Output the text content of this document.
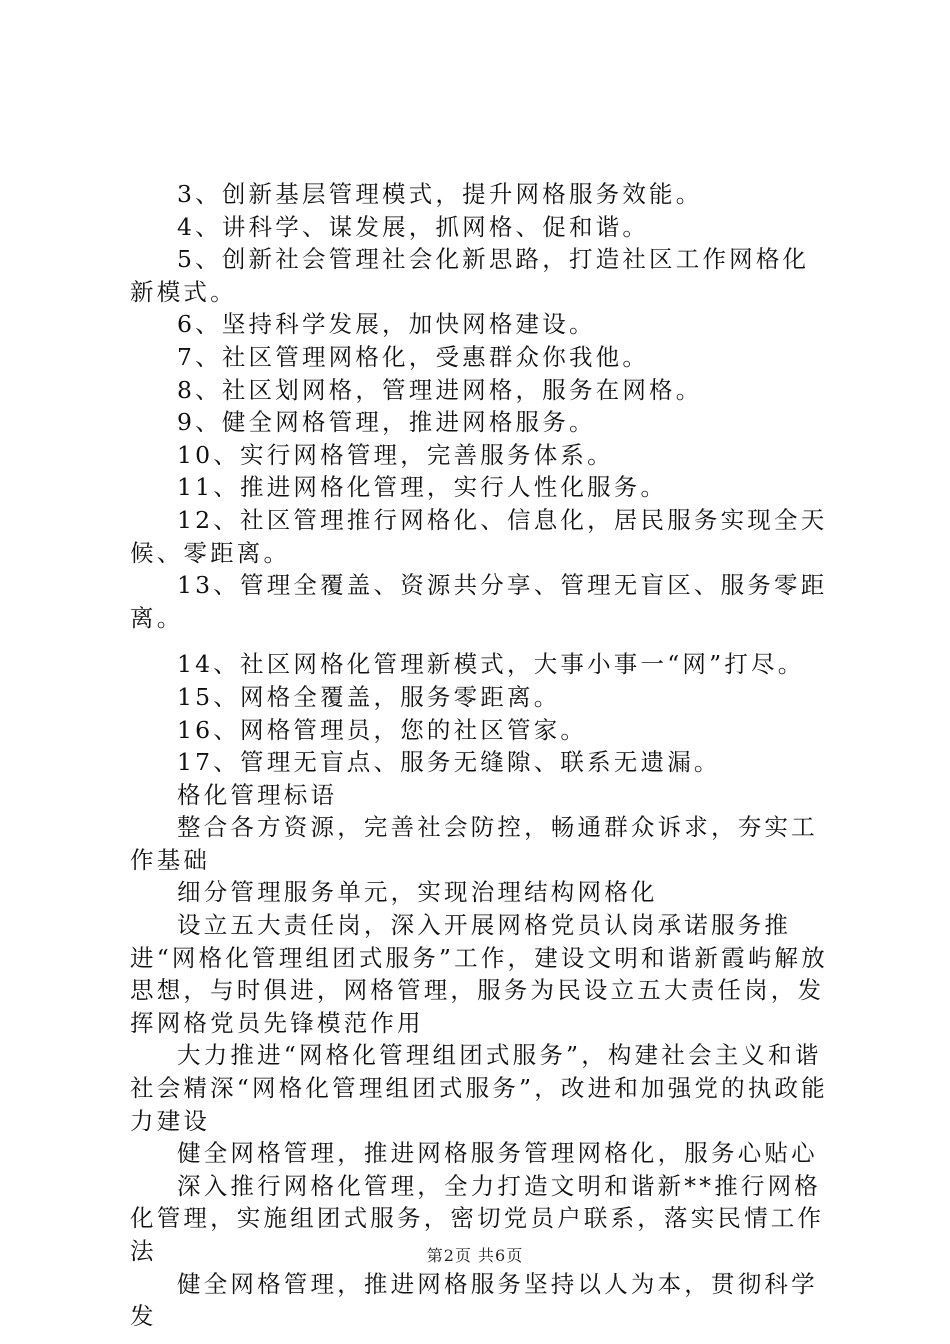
3、创新基层管理模式，提升网格服务效能。

4、讲科学、谋发展，抓网格、促和谐。

5、创新社会管理社会化新思路，打造社区工作网格化新模式。

6、坚持科学发展，加快网格建设。

7、社区管理网格化，受惠群众你我他。

8、社区划网格，管理进网格，服务在网格。

9、健全网格管理，推进网格服务。

10、实行网格管理，完善服务体系。

11、推进网格化管理，实行人性化服务。

12、社区管理推行网格化、信息化，居民服务实现全天候、零距离。

13、管理全覆盖、资源共分享、管理无盲区、服务零距离。

14、社区网格化管理新模式，大事小事一“网”打尽。

15、网格全覆盖，服务零距离。

16、网格管理员，您的社区管家。

17、管理无盲点、服务无缝隙、联系无遗漏。

格化管理标语

整合各方资源，完善社会防控，畅通群众诉求，夯实工作基础

细分管理服务单元，实现治理结构网格化

设立五大责任岗，深入开展网格党员认岗承诺服务推进“网格化管理组团式服务”工作，建设文明和谐新霞屿解放思想，与时俱进，网格管理，服务为民设立五大责任岗，发挥网格党员先锋模范作用

大力推进“网格化管理组团式服务”，构建社会主义和谐社会精深“网格化管理组团式服务”，改进和加强党的执政能力建设

健全网格管理，推进网格服务管理网格化，服务心贴心

深入推行网格化管理，全力打造文明和谐新**推行网格化管理，实施组团式服务，密切党员户联系，落实民情工作法

健全网格管理，推进网格服务坚持以人为本，贯彻科学发

第2页 共6页
